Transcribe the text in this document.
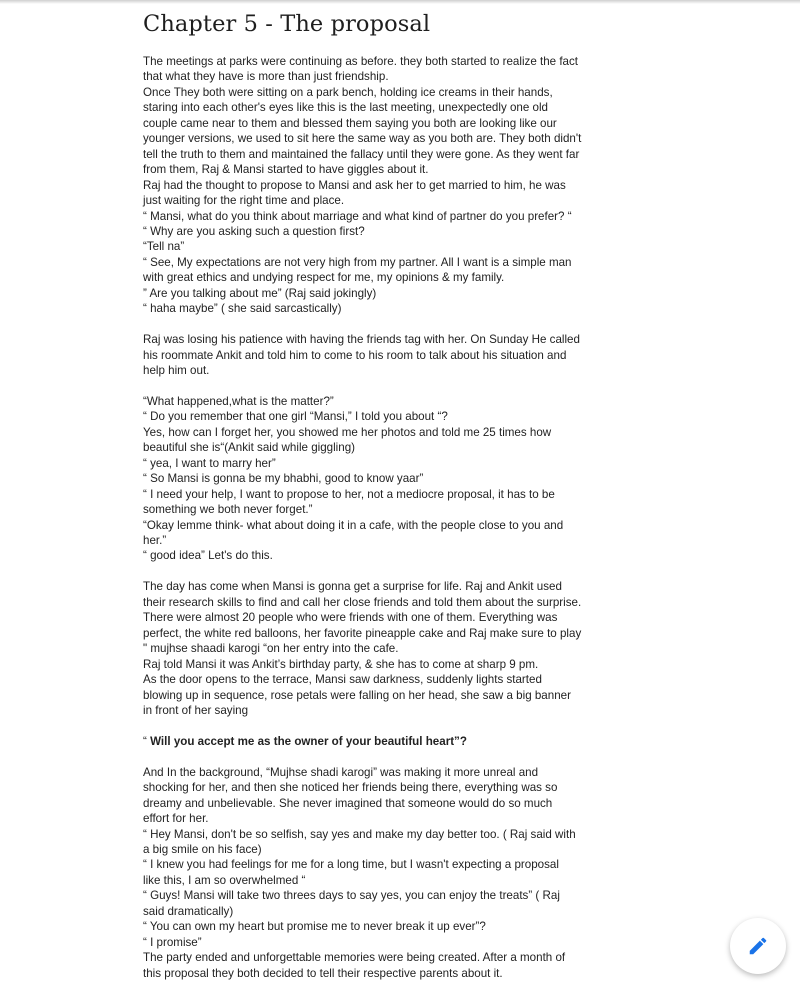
Chapter 5 - The proposal

The meetings at parks were continuing as before. they both started to realize the fact

that what they have is more than just friendship.

Once They both were sitting on a park bench, holding ice creams in their hands,

staring into each other's eyes like this is the last meeting, unexpectedly one old

couple came near to them and blessed them saying you both are looking like our

younger versions, we used to sit here the same way as you both are. They both didn't

tell the truth to them and maintained the fallacy until they were gone. As they went far

from them, Raj & Mansi started to have giggles about it.

Raj had the thought to propose to Mansi and ask her to get married to him, he was

just waiting for the right time and place.

“ Mansi, what do you think about marriage and what kind of partner do you prefer? “

“ Why are you asking such a question first?

“Tell na”

“ See, My expectations are not very high from my partner. All I want is a simple man

with great ethics and undying respect for me, my opinions & my family.

” Are you talking about me” (Raj said jokingly)

“ haha maybe” ( she said sarcastically)

Raj was losing his patience with having the friends tag with her. On Sunday He called

his roommate Ankit and told him to come to his room to talk about his situation and

help him out.

“What happened,what is the matter?”

“ Do you remember that one girl “Mansi,” I told you about “?

Yes, how can I forget her, you showed me her photos and told me 25 times how

beautiful she is“(Ankit said while giggling)

“ yea, I want to marry her”

“ So Mansi is gonna be my bhabhi, good to know yaar”

“ I need your help, I want to propose to her, not a mediocre proposal, it has to be

something we both never forget.”

“Okay lemme think- what about doing it in a cafe, with the people close to you and

her.”

“ good idea” Let's do this.

The day has come when Mansi is gonna get a surprise for life. Raj and Ankit used

their research skills to find and call her close friends and told them about the surprise.

There were almost 20 people who were friends with one of them. Everything was

perfect, the white red balloons, her favorite pineapple cake and Raj make sure to play

" mujhse shaadi karogi “on her entry into the cafe.

Raj told Mansi it was Ankit’s birthday party, & she has to come at sharp 9 pm.

As the door opens to the terrace, Mansi saw darkness, suddenly lights started

blowing up in sequence, rose petals were falling on her head, she saw a big banner

in front of her saying

“ Will you accept me as the owner of your beautiful heart”?

And In the background, “Mujhse shadi karogi” was making it more unreal and

shocking for her, and then she noticed her friends being there, everything was so

dreamy and unbelievable. She never imagined that someone would do so much

effort for her.

“ Hey Mansi, don't be so selfish, say yes and make my day better too. ( Raj said with

a big smile on his face)

“ I knew you had feelings for me for a long time, but I wasn't expecting a proposal

like this, I am so overwhelmed “

“ Guys! Mansi will take two threes days to say yes, you can enjoy the treats” ( Raj

said dramatically)

“ You can own my heart but promise me to never break it up ever”?

“ I promise”

The party ended and unforgettable memories were being created. After a month of

this proposal they both decided to tell their respective parents about it.
